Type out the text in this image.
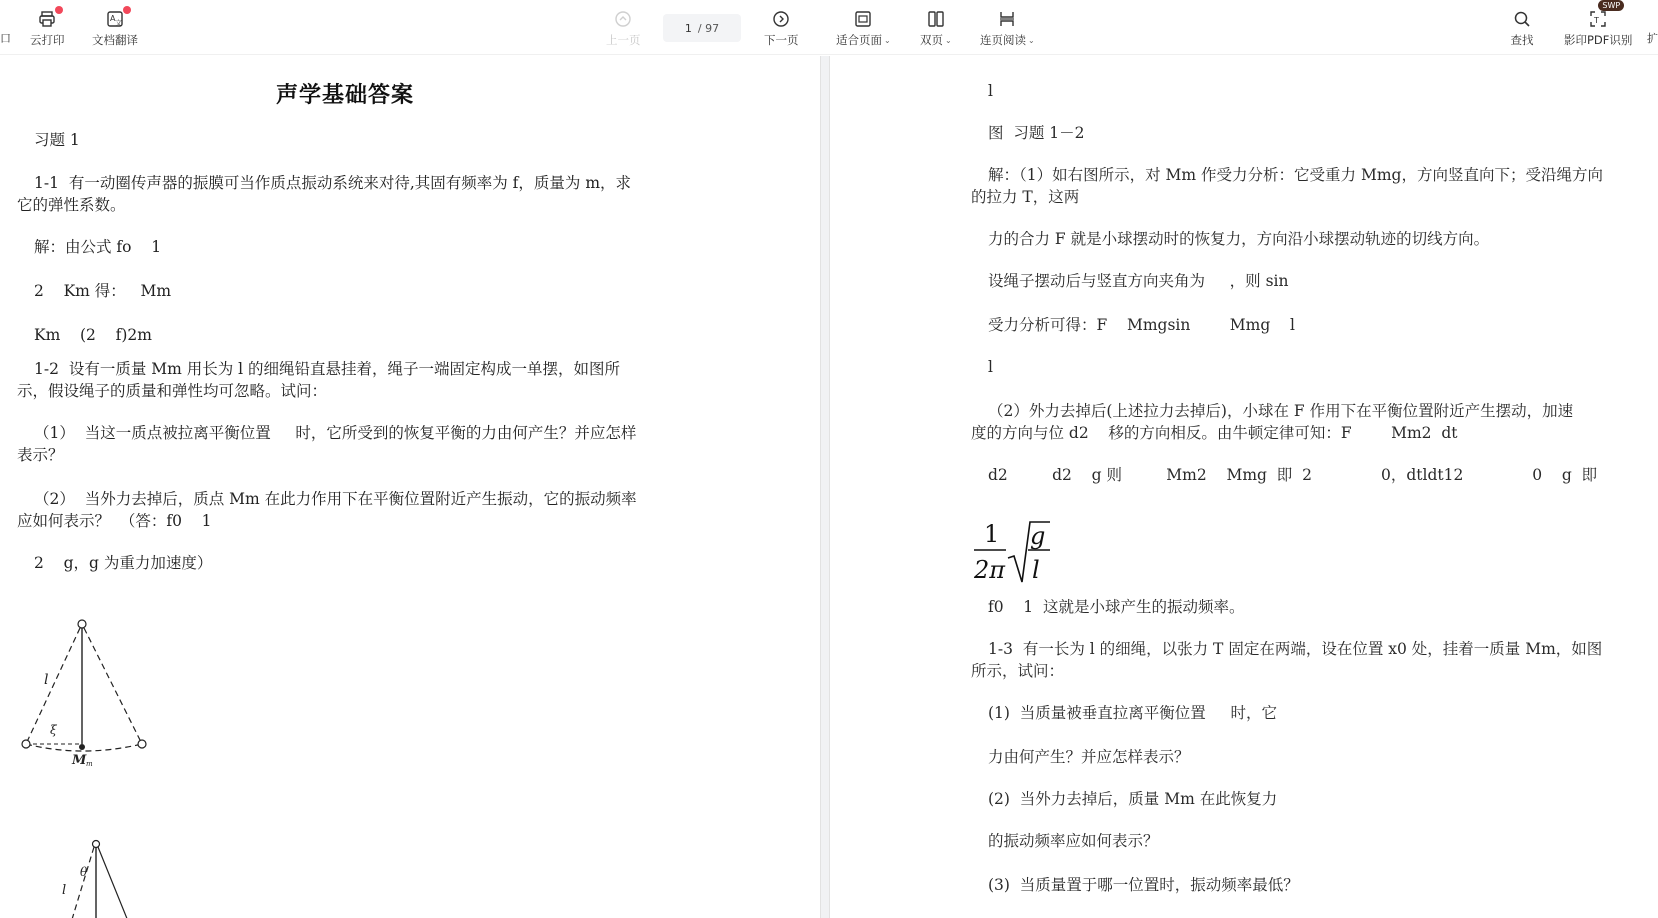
口 云打印
A 文
文档翻译	上一页
1 / 97
下一页	适合页面 ⌄	双页 ⌄ 连页阅读 ⌄	查找
T
SWP
影印PDF识别 扩
声学基础答案

习题 1

1-1  有一动圈传声器的振膜可当作质点振动系统来对待,其固有频率为 f，质量为 m，求

它的弹性系数。

解：由公式 fo    1

2    Km 得：   Mm

Km    (2    f)2m

1-2  设有一质量 Mm 用长为 l 的细绳铅直悬挂着，绳子一端固定构成一单摆，如图所

示，假设绳子的质量和弹性均可忽略。试问：

（1）  当这一质点被拉离平衡位置     时，它所受到的恢复平衡的力由何产生？并应怎样

表示？

（2）  当外力去掉后，质点 Mm 在此力作用下在平衡位置附近产生振动，它的振动频率

应如何表示？  （答：f0    1

2    g，g 为重力加速度）

l
ξ
M m
l
θ

l

图  习题 1－2

解：（1）如右图所示，对 Mm 作受力分析：它受重力 Mmg，方向竖直向下；受沿绳方向

的拉力 T，这两

力的合力 F 就是小球摆动时的恢复力，方向沿小球摆动轨迹的切线方向。

设绳子摆动后与竖直方向夹角为     ，则 sin

受力分析可得：F    Mmgsin        Mmg    l

l

（2）外力去掉后(上述拉力去掉后)，小球在 F 作用下在平衡位置附近产生摆动，加速

度的方向与位 d2    移的方向相反。由牛顿定律可知：F        Mm2  dt

d2         d2    g 则         Mm2    Mmg  即  2              0，dtldt12              0    g  即

1
2π
g
l

f0    1  这就是小球产生的振动频率。

1-3  有一长为 l 的细绳，以张力 T 固定在两端，设在位置 x0 处，挂着一质量 Mm，如图

所示，试问：

(1)  当质量被垂直拉离平衡位置     时，它

力由何产生？并应怎样表示？

(2)  当外力去掉后，质量 Mm 在此恢复力

的振动频率应如何表示？

(3)  当质量置于哪一位置时，振动频率最低？
